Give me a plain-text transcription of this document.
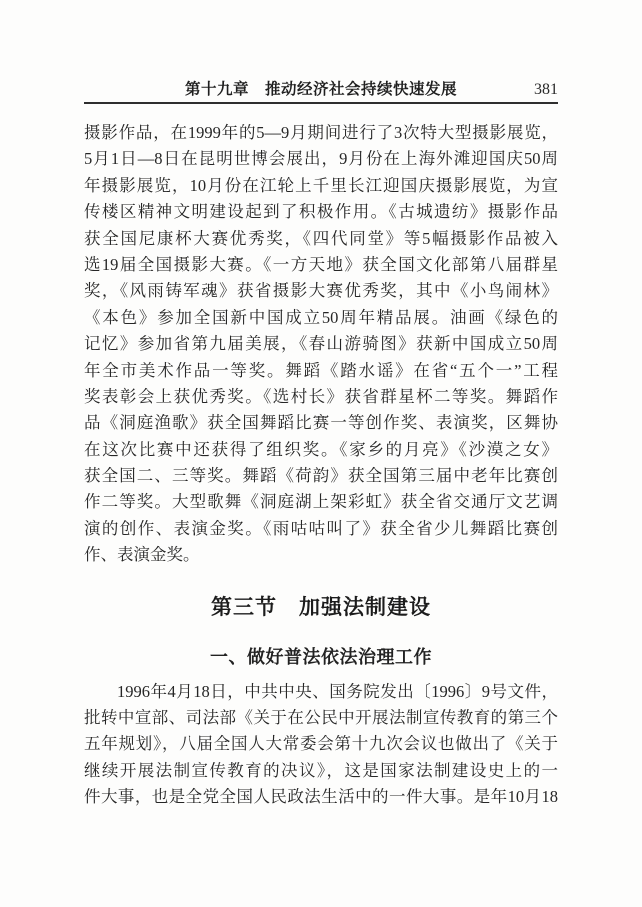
第十九章　推动经济社会持续快速发展	381
摄影作品，在1999年的5—9月期间进行了3次特大型摄影展览，
5月1日—8日在昆明世博会展出，9月份在上海外滩迎国庆50周
年摄影展览，10月份在江轮上千里长江迎国庆摄影展览，为宣
传楼区精神文明建设起到了积极作用。《古城遗纺》摄影作品
获全国尼康杯大赛优秀奖，《四代同堂》等5幅摄影作品被入
选19届全国摄影大赛。《一方天地》获全国文化部第八届群星
奖，《风雨铸军魂》获省摄影大赛优秀奖，其中《小鸟闹林》
《本色》参加全国新中国成立50周年精品展。油画《绿色的
记忆》参加省第九届美展，《春山游骑图》获新中国成立50周
年全市美术作品一等奖。舞蹈《踏水谣》在省“五个一”工程
奖表彰会上获优秀奖。《选村长》获省群星杯二等奖。舞蹈作
品《洞庭渔歌》获全国舞蹈比赛一等创作奖、表演奖，区舞协
在这次比赛中还获得了组织奖。《家乡的月亮》《沙漠之女》
获全国二、三等奖。舞蹈《荷韵》获全国第三届中老年比赛创
作二等奖。大型歌舞《洞庭湖上架彩虹》获全省交通厅文艺调
演的创作、表演金奖。《雨咕咕叫了》获全省少儿舞蹈比赛创
作、表演金奖。
第三节　加强法制建设
一、做好普法依法治理工作
1996年4月18日，中共中央、国务院发出〔1996〕9号文件，
批转中宣部、司法部《关于在公民中开展法制宣传教育的第三个
五年规划》，八届全国人大常委会第十九次会议也做出了《关于
继续开展法制宣传教育的决议》，这是国家法制建设史上的一
件大事，也是全党全国人民政法生活中的一件大事。是年10月18
